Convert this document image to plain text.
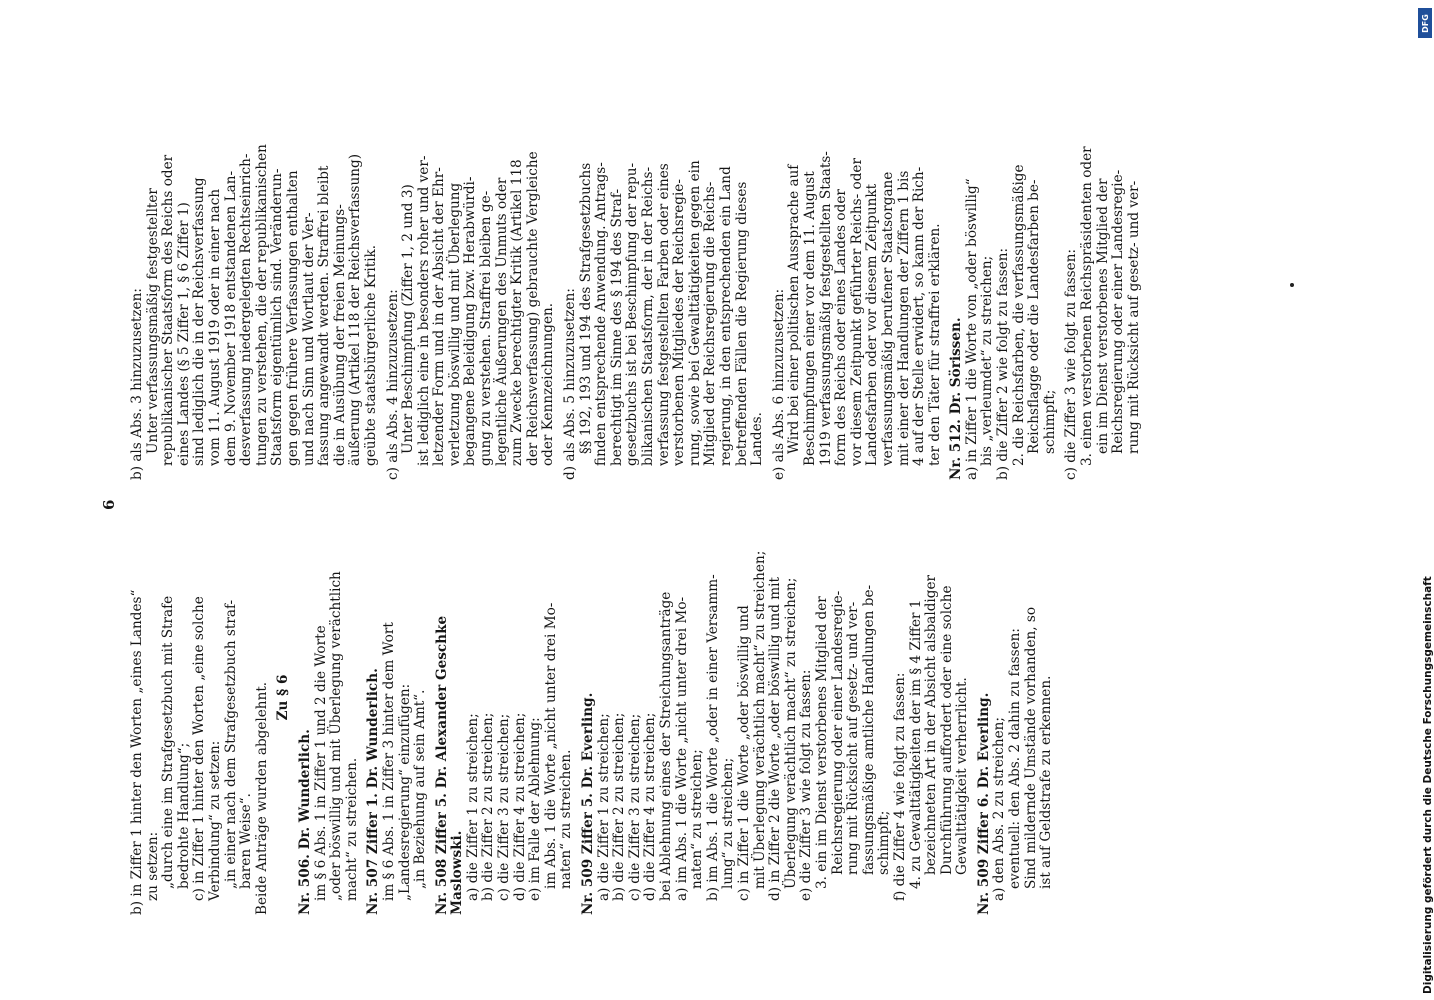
6

b) in Ziffer 1 hinter den Worten „eines Landes“ zu setzen: „durch eine im Strafgesetzbuch mit Strafe bedrohte Handlung“; c) in Ziffer 1 hinter den Worten „eine solche Verbindung“ zu setzen: „in einer nach dem Strafgesetzbuch straf- baren Weise“. Beide Anträge wurden abgelehnt. Zu § 6

Nr. 506. Dr. Wunderlich. im § 6 Abs. 1 in Ziffer 1 und 2 die Worte „oder böswillig und mit Überlegung verächtlich macht“ zu streichen. Nr. 507 Ziffer 1. Dr. Wunderlich. im § 6 Abs. 1 in Ziffer 3 hinter dem Wort „Landesregierung“ einzufügen: „in Beziehung auf sein Amt“. Nr. 508 Ziffer 5. Dr. Alexander Geschke Maslowski. a) die Ziffer 1 zu streichen; b) die Ziffer 2 zu streichen; c) die Ziffer 3 zu streichen; d) die Ziffer 4 zu streichen; e) im Falle der Ablehnung: im Abs. 1 die Worte „nicht unter drei Mo- naten“ zu streichen. Nr. 509 Ziffer 5. Dr. Everling. a) die Ziffer 1 zu streichen; b) die Ziffer 2 zu streichen; c) die Ziffer 3 zu streichen; d) die Ziffer 4 zu streichen; bei Ablehnung eines der Streichungsanträge a) im Abs. 1 die Worte „nicht unter drei Mo- naten“ zu streichen; b) im Abs. 1 die Worte „oder in einer Versamm- lung“ zu streichen; c) in Ziffer 1 die Worte „oder böswillig und mit Überlegung verächtlich macht“ zu streichen; d) in Ziffer 2 die Worte „oder böswillig und mit Überlegung verächtlich macht“ zu streichen; e) die Ziffer 3 wie folgt zu fassen: 3. ein im Dienst verstorbenes Mitglied der Reichsregierung oder einer Landesregie- rung mit Rücksicht auf gesetz- und ver- fassungsmäßige amtliche Handlungen be- schimpft; f) die Ziffer 4 wie folgt zu fassen: 4. zu Gewalttätigkeiten der im § 4 Ziffer 1 bezeichneten Art in der Absicht alsbaldiger Durchführung auffordert oder eine solche Gewalttätigkeit verherrlicht. Nr. 509 Ziffer 6. Dr. Everling. a) den Abs. 2 zu streichen; eventuell: den Abs. 2 dahin zu fassen: Sind mildernde Umstände vorhanden, so ist auf Geldstrafe zu erkennen.

b) als Abs. 3 hinzuzusetzen: Unter verfassungsmäßig festgestellter republikanischer Staatsform des Reichs oder eines Landes (§ 5 Ziffer 1, § 6 Ziffer 1) sind lediglich die in der Reichsverfassung vom 11. August 1919 oder in einer nach dem 9. November 1918 entstandenen Lan- desverfassung niedergelegten Rechtseinrich- tungen zu verstehen, die der republikanischen Staatsform eigentümlich sind. Veränderun- gen gegen frühere Verfassungen enthalten und nach Sinn und Wortlaut der Ver- fassung angewandt werden. Straffrei bleibt die in Ausübung der freien Meinungs- äußerung (Artikel 118 der Reichsverfassung) geübte staatsbürgerliche Kritik. c) als Abs. 4 hinzuzusetzen: Unter Beschimpfung (Ziffer 1, 2 und 3) ist lediglich eine in besonders roher und ver- letzender Form und in der Absicht der Ehr- verletzung böswillig und mit Überlegung begangene Beleidigung bzw. Herabwürdi- gung zu verstehen. Straffrei bleiben ge- legentliche Äußerungen des Unmuts oder zum Zwecke berechtigter Kritik (Artikel 118 der Reichsverfassung) gebrauchte Vergleiche oder Kennzeichnungen. d) als Abs. 5 hinzuzusetzen: §§ 192, 193 und 194 des Strafgesetzbuchs finden entsprechende Anwendung. Antrags- berechtigt im Sinne des § 194 des Straf- gesetzbuchs ist bei Beschimpfung der repu- blikanischen Staatsform, der in der Reichs- verfassung festgestellten Farben oder eines verstorbenen Mitgliedes der Reichsregie- rung, sowie bei Gewalttätigkeiten gegen ein Mitglied der Reichsregierung die Reichs- regierung, in den entsprechenden ein Land betreffenden Fällen die Regierung dieses Landes. e) als Abs. 6 hinzuzusetzen: Wird bei einer politischen Aussprache auf Beschimpfungen einer vor dem 11. August 1919 verfassungsmäßig festgestellten Staats- form des Reichs oder eines Landes oder vor diesem Zeitpunkt geführter Reichs- oder Landesfarben oder vor diesem Zeitpunkt verfassungsmäßig berufener Staatsorgane mit einer der Handlungen der Ziffern 1 bis 4 auf der Stelle erwidert, so kann der Rich- ter den Täter für straffrei erklären. Nr. 512. Dr. Sörissen. a) in Ziffer 1 die Worte von „oder böswillig“ bis „verleumdet“ zu streichen; b) die Ziffer 2 wie folgt zu fassen: 2. die Reichsfarben, die verfassungsmäßige Reichsflagge oder die Landesfarben be- schimpft; c) die Ziffer 3 wie folgt zu fassen: 3. einen verstorbenen Reichspräsidenten oder ein im Dienst verstorbenes Mitglied der Reichsregierung oder einer Landesregie- rung mit Rücksicht auf gesetz- und ver-

DFG
Digitalisierung gefördert durch die Deutsche Forschungsgemeinschaft
